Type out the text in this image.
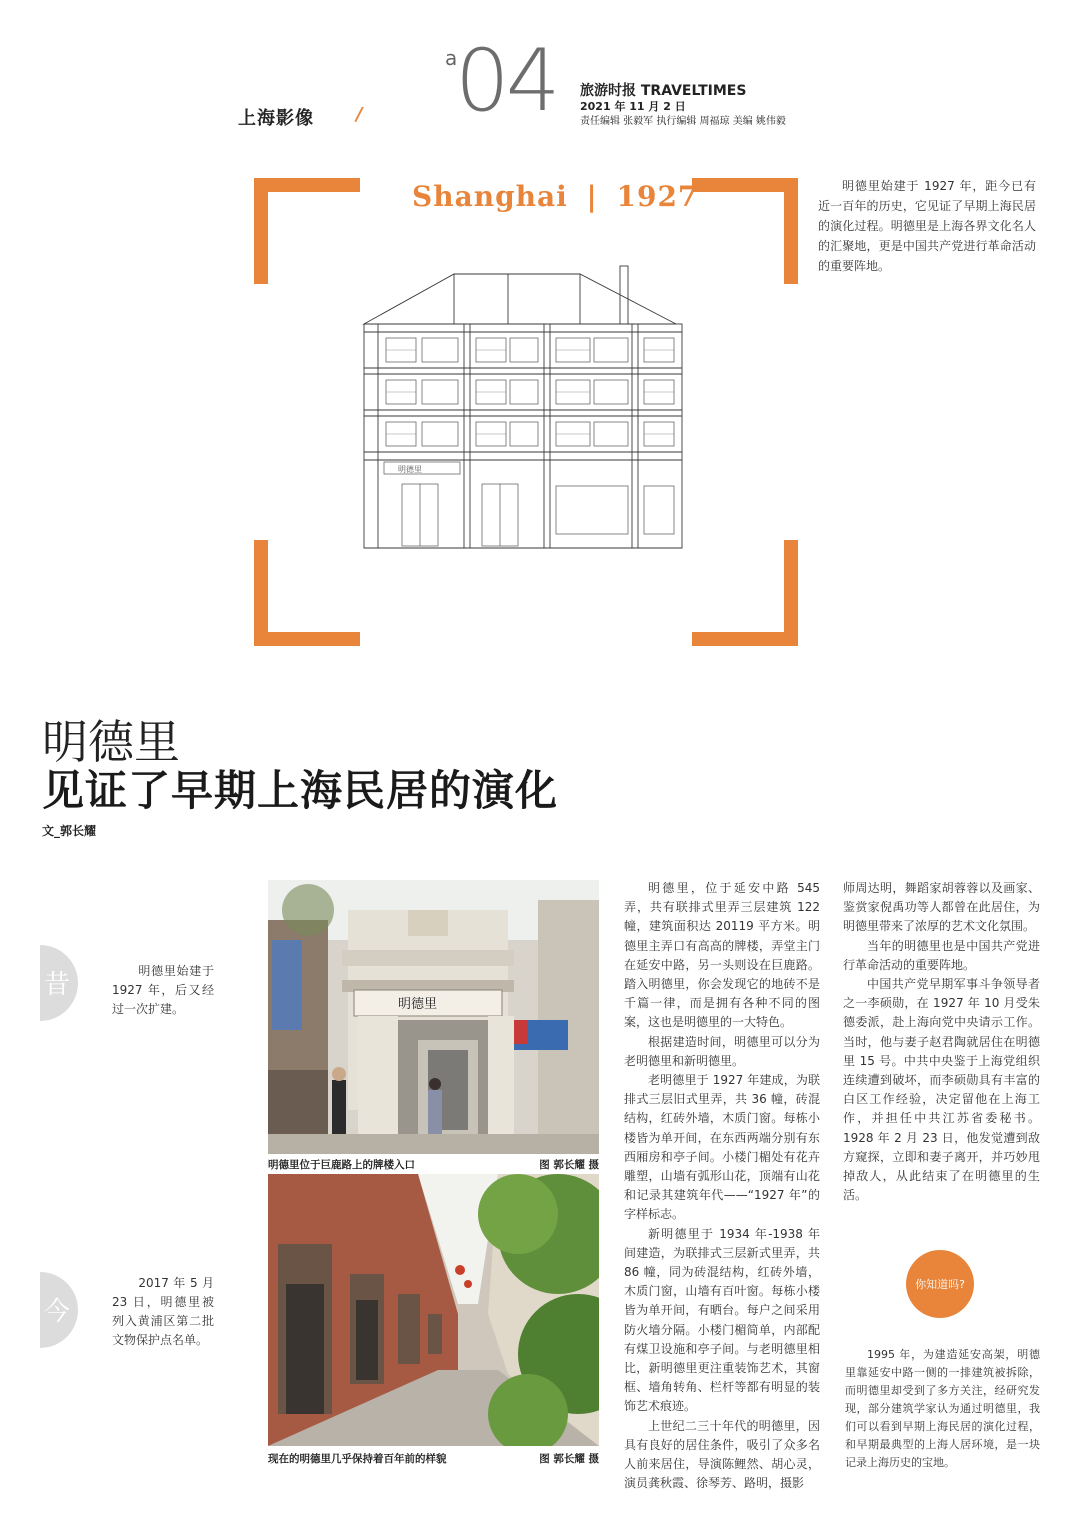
上海影像 /
a
04 旅游时报 TRAVELTIMES
2021 年 11 月 2 日
责任编辑 张毅军 执行编辑 周福琼 美编 姚伟毅
Shanghai | 1927
明德里
明德里始建于 1927 年，距今已有近一百年的历史，它见证了早期上海民居的演化过程。明德里是上海各界文化名人的汇聚地，更是中国共产党进行革命活动的重要阵地。
明德里
见证了早期上海民居的演化
文_郭长耀
昔	明德里始建于 1927 年，后又经过一次扩建。
今
2017 年 5 月 23 日，明德里被列入黄浦区第二批文物保护点名单。
明德里
明德里位于巨鹿路上的牌楼入口	图 郭长耀 摄
现在的明德里几乎保持着百年前的样貌	图 郭长耀 摄

明德里，位于延安中路 545 弄，共有联排式里弄三层建筑 122 幢，建筑面积达 20119 平方米。明德里主弄口有高高的牌楼，弄堂主门在延安中路，另一头则设在巨鹿路。踏入明德里，你会发现它的地砖不是千篇一律，而是拥有各种不同的图案，这也是明德里的一大特色。

根据建造时间，明德里可以分为老明德里和新明德里。

老明德里于 1927 年建成，为联排式三层旧式里弄，共 36 幢，砖混结构，红砖外墙，木质门窗。每栋小楼皆为单开间，在东西两端分别有东西厢房和亭子间。小楼门楣处有花卉雕塑，山墙有弧形山花，顶端有山花和记录其建筑年代——“1927 年”的字样标志。

新明德里于 1934 年-1938 年间建造，为联排式三层新式里弄，共 86 幢，同为砖混结构，红砖外墙，木质门窗，山墙有百叶窗。每栋小楼皆为单开间，有晒台。每户之间采用防火墙分隔。小楼门楣简单，内部配有煤卫设施和亭子间。与老明德里相比，新明德里更注重装饰艺术，其窗框、墙角转角、栏杆等都有明显的装饰艺术痕迹。

上世纪二三十年代的明德里，因具有良好的居住条件，吸引了众多名人前来居住，导演陈鲤然、胡心灵，演员龚秋霞、徐琴芳、路明，摄影

师周达明，舞蹈家胡蓉蓉以及画家、鉴赏家倪禹功等人都曾在此居住，为明德里带来了浓厚的艺术文化氛围。

当年的明德里也是中国共产党进行革命活动的重要阵地。

中国共产党早期军事斗争领导者之一李硕勋，在 1927 年 10 月受朱德委派，赴上海向党中央请示工作。当时，他与妻子赵君陶就居住在明德里 15 号。中共中央鉴于上海党组织连续遭到破坏，而李硕勋具有丰富的白区工作经验，决定留他在上海工作，并担任中共江苏省委秘书。1928 年 2 月 23 日，他发觉遭到敌方窥探，立即和妻子离开，并巧妙甩掉敌人，从此结束了在明德里的生活。

你知道吗?
1995 年，为建造延安高架，明德里靠延安中路一侧的一排建筑被拆除，而明德里却受到了多方关注，经研究发现，部分建筑学家认为通过明德里，我们可以看到早期上海民居的演化过程，和早期最典型的上海人居环境，是一块记录上海历史的宝地。
